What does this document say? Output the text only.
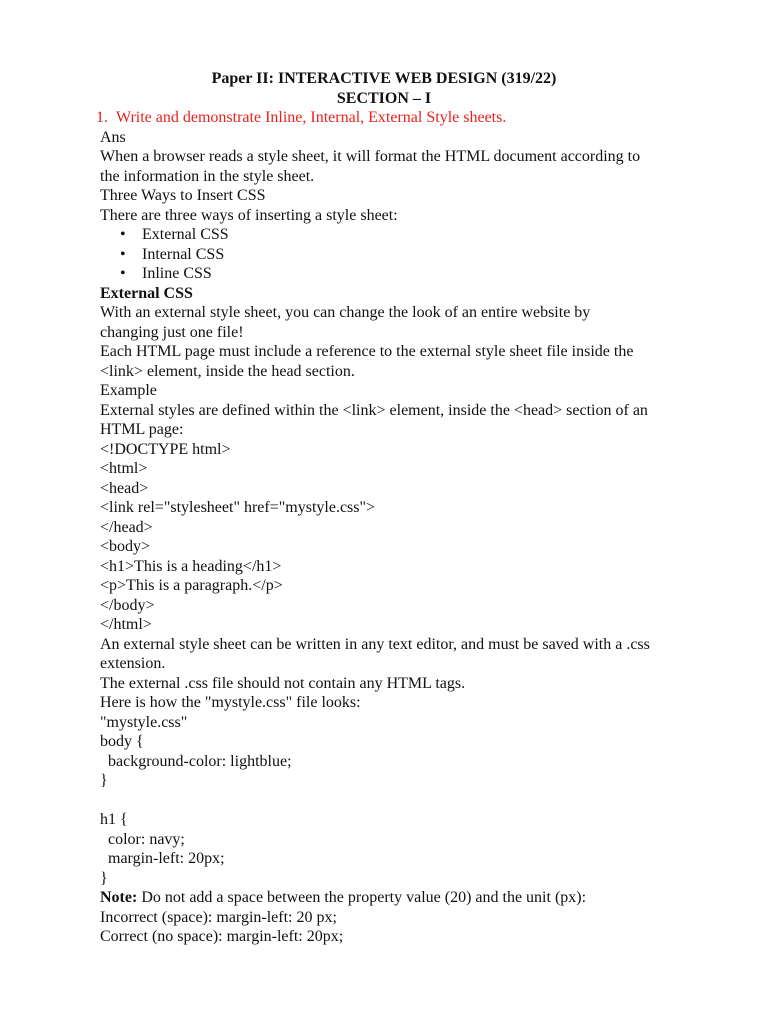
Paper II: INTERACTIVE WEB DESIGN (319/22)
SECTION – I
1. Write and demonstrate Inline, Internal, External Style sheets.
Ans
When a browser reads a style sheet, it will format the HTML document according to
the information in the style sheet.
Three Ways to Insert CSS
There are three ways of inserting a style sheet:
• External CSS
• Internal CSS
• Inline CSS
External CSS
With an external style sheet, you can change the look of an entire website by
changing just one file!
Each HTML page must include a reference to the external style sheet file inside the
<link> element, inside the head section.
Example
External styles are defined within the <link> element, inside the <head> section of an
HTML page:
<!DOCTYPE html>
<html>
<head>
<link rel="stylesheet" href="mystyle.css">
</head>
<body>
<h1>This is a heading</h1>
<p>This is a paragraph.</p>
</body>
</html>
An external style sheet can be written in any text editor, and must be saved with a .css
extension.
The external .css file should not contain any HTML tags.
Here is how the "mystyle.css" file looks:
"mystyle.css"
body {
background-color: lightblue;
}
h1 {
color: navy;
margin-left: 20px;
}
Note: Do not add a space between the property value (20) and the unit (px):
Incorrect (space): margin-left: 20 px;
Correct (no space): margin-left: 20px;
